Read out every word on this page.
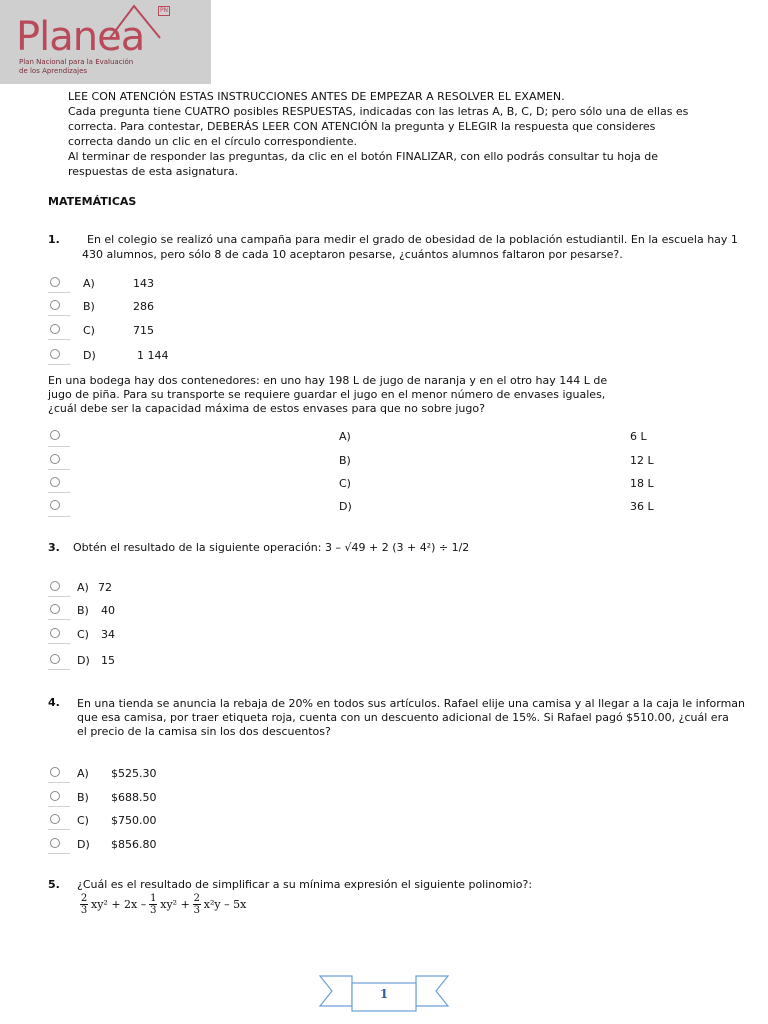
PN
Planea
Plan Nacional para la Evaluación
de los Aprendizajes
LEE CON ATENCIÓN ESTAS INSTRUCCIONES ANTES DE EMPEZAR A RESOLVER EL EXAMEN.
Cada pregunta tiene CUATRO posibles RESPUESTAS, indicadas con las letras A, B, C, D; pero sólo una de ellas es
correcta. Para contestar, DEBERÁS LEER CON ATENCIÓN la pregunta y ELEGIR la respuesta que consideres
correcta dando un clic en el círculo correspondiente.
Al terminar de responder las preguntas, da clic en el botón FINALIZAR, con ello podrás consultar tu hoja de
respuestas de esta asignatura.
MATEMÁTICAS
1. En el colegio se realizó una campaña para medir el grado de obesidad de la población estudiantil. En la escuela hay 1
430 alumnos, pero sólo 8 de cada 10 aceptaron pesarse, ¿cuántos alumnos faltaron por pesarse?.
A)	143
B)	286
C)	715
D)	1 144
En una bodega hay dos contenedores: en uno hay 198 L de jugo de naranja y en el otro hay 144 L de
jugo de piña. Para su transporte se requiere guardar el jugo en el menor número de envases iguales,
¿cuál debe ser la capacidad máxima de estos envases para que no sobre jugo?
A)	6 L
B)	12 L
C)	18 L
D)	36 L
3. Obtén el resultado de la siguiente operación: 3 – √49 + 2 (3 + 4²) ÷ 1/2
A) 72
B) 40
C) 34
D) 15
4. En una tienda se anuncia la rebaja de 20% en todos sus artículos. Rafael elije una camisa y al llegar a la caja le informan
que esa camisa, por traer etiqueta roja, cuenta con un descuento adicional de 15%. Si Rafael pagó $510.00, ¿cuál era
el precio de la camisa sin los dos descuentos?
A) $525.30
B) $688.50
C) $750.00
D) $856.80
5. ¿Cuál es el resultado de simplificar a su mínima expresión el siguiente polinomio?:
2
3 xy² + 2x – 1
3 $xy^2 + \frac{2}{3} x^2y - 5x$
1
